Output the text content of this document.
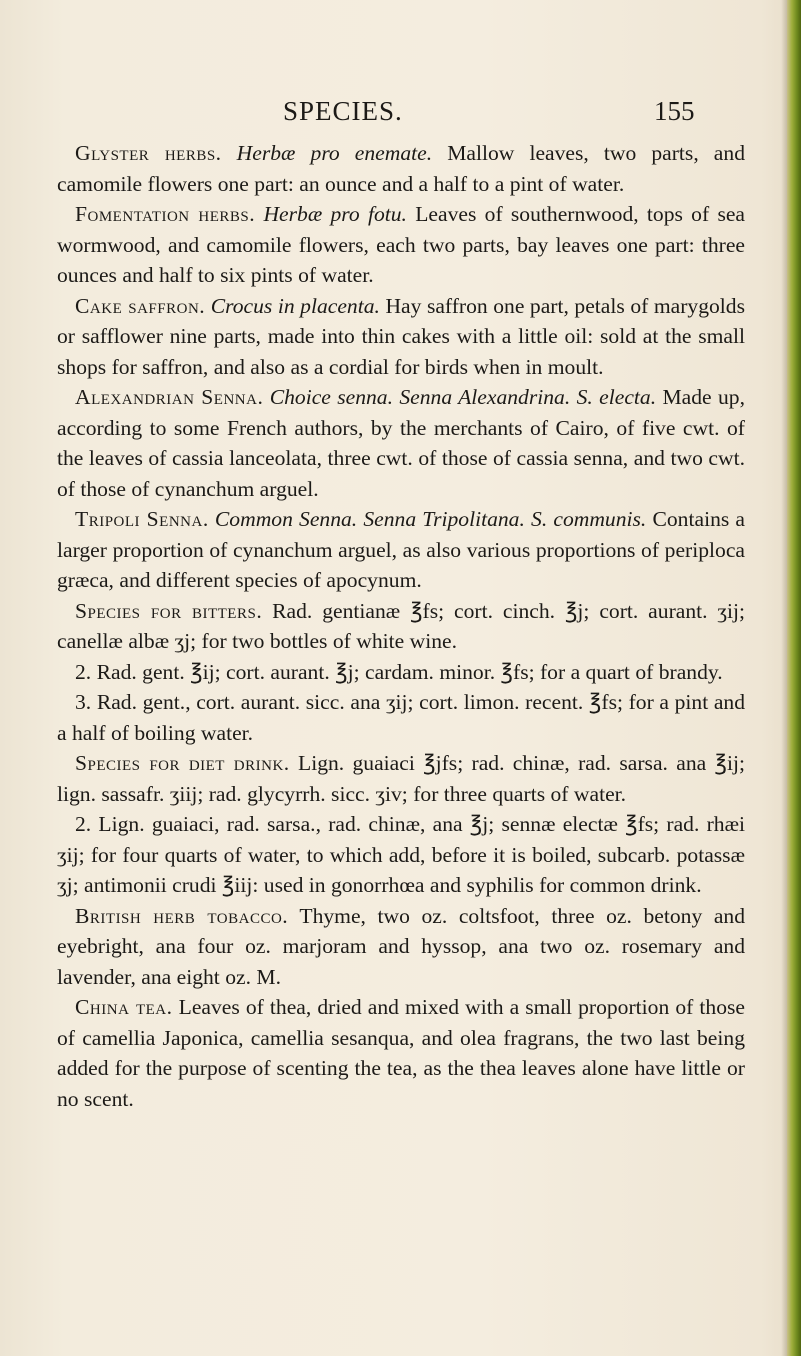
SPECIES.	155

Glyster herbs. Herbæ pro enemate. Mallow leaves, two parts, and camomile flowers one part: an ounce and a half to a pint of water.

Fomentation herbs. Herbæ pro fotu. Leaves of southernwood, tops of sea wormwood, and camomile flowers, each two parts, bay leaves one part: three ounces and half to six pints of water.

Cake saffron. Crocus in placenta. Hay saffron one part, petals of marygolds or safflower nine parts, made into thin cakes with a little oil: sold at the small shops for saffron, and also as a cordial for birds when in moult.

Alexandrian Senna. Choice senna. Senna Alexandrina. S. electa. Made up, according to some French authors, by the merchants of Cairo, of five cwt. of the leaves of cassia lanceolata, three cwt. of those of cassia senna, and two cwt. of those of cynanchum arguel.

Tripoli Senna. Common Senna. Senna Tripolitana. S. communis. Contains a larger proportion of cynanchum arguel, as also various proportions of periploca græca, and different species of apocynum.

Species for bitters. Rad. gentianæ ℥fs; cort. cinch. ℥j; cort. aurant. ʒij; canellæ albæ ʒj; for two bottles of white wine.

2. Rad. gent. ℥ij; cort. aurant. ℥j; cardam. minor. ℥fs; for a quart of brandy.

3. Rad. gent., cort. aurant. sicc. ana ʒij; cort. limon. recent. ℥fs; for a pint and a half of boiling water.

Species for diet drink. Lign. guaiaci ℥jfs; rad. chinæ, rad. sarsa. ana ℥ij; lign. sassafr. ʒiij; rad. glycyrrh. sicc. ʒiv; for three quarts of water.

2. Lign. guaiaci, rad. sarsa., rad. chinæ, ana ℥j; sennæ electæ ℥fs; rad. rhæi ʒij; for four quarts of water, to which add, before it is boiled, subcarb. potassæ ʒj; antimonii crudi ℥iij: used in gonorrhœa and syphilis for common drink.

British herb tobacco. Thyme, two oz. coltsfoot, three oz. betony and eyebright, ana four oz. marjoram and hyssop, ana two oz. rosemary and lavender, ana eight oz. M.

China tea. Leaves of thea, dried and mixed with a small proportion of those of camellia Japonica, camellia sesanqua, and olea fragrans, the two last being added for the purpose of scenting the tea, as the thea leaves alone have little or no scent.
